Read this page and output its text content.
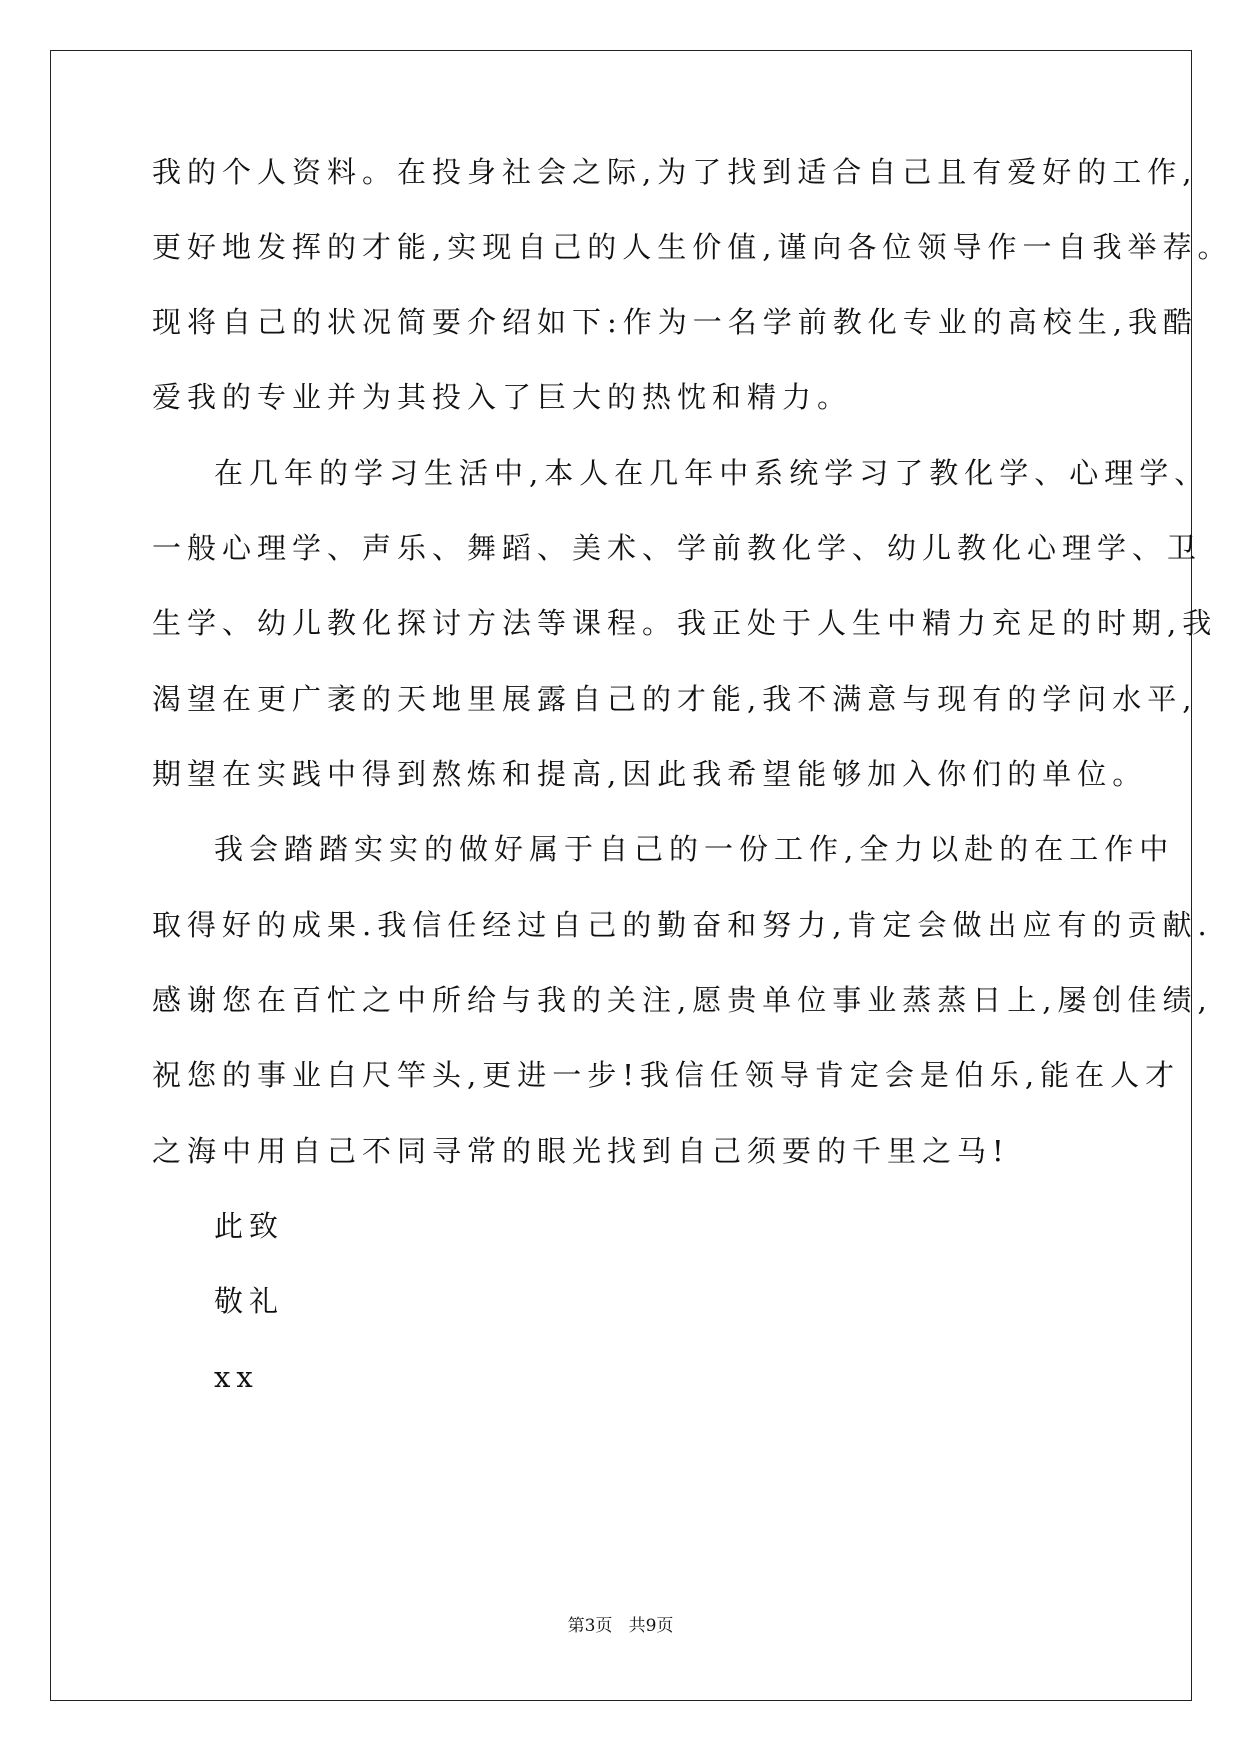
我的个人资料。在投身社会之际,为了找到适合自己且有爱好的工作,
更好地发挥的才能,实现自己的人生价值,谨向各位领导作一自我举荐。
现将自己的状况简要介绍如下:作为一名学前教化专业的高校生,我酷
爱我的专业并为其投入了巨大的热忱和精力。
在几年的学习生活中,本人在几年中系统学习了教化学、心理学、
一般心理学、声乐、舞蹈、美术、学前教化学、幼儿教化心理学、卫
生学、幼儿教化探讨方法等课程。我正处于人生中精力充足的时期,我
渴望在更广袤的天地里展露自己的才能,我不满意与现有的学问水平,
期望在实践中得到熬炼和提高,因此我希望能够加入你们的单位。
我会踏踏实实的做好属于自己的一份工作,全力以赴的在工作中
取得好的成果.我信任经过自己的勤奋和努力,肯定会做出应有的贡献.
感谢您在百忙之中所给与我的关注,愿贵单位事业蒸蒸日上,屡创佳绩,
祝您的事业白尺竿头,更进一步!我信任领导肯定会是伯乐,能在人才
之海中用自己不同寻常的眼光找到自己须要的千里之马!
此致
敬礼
xx
第3页   共9页
